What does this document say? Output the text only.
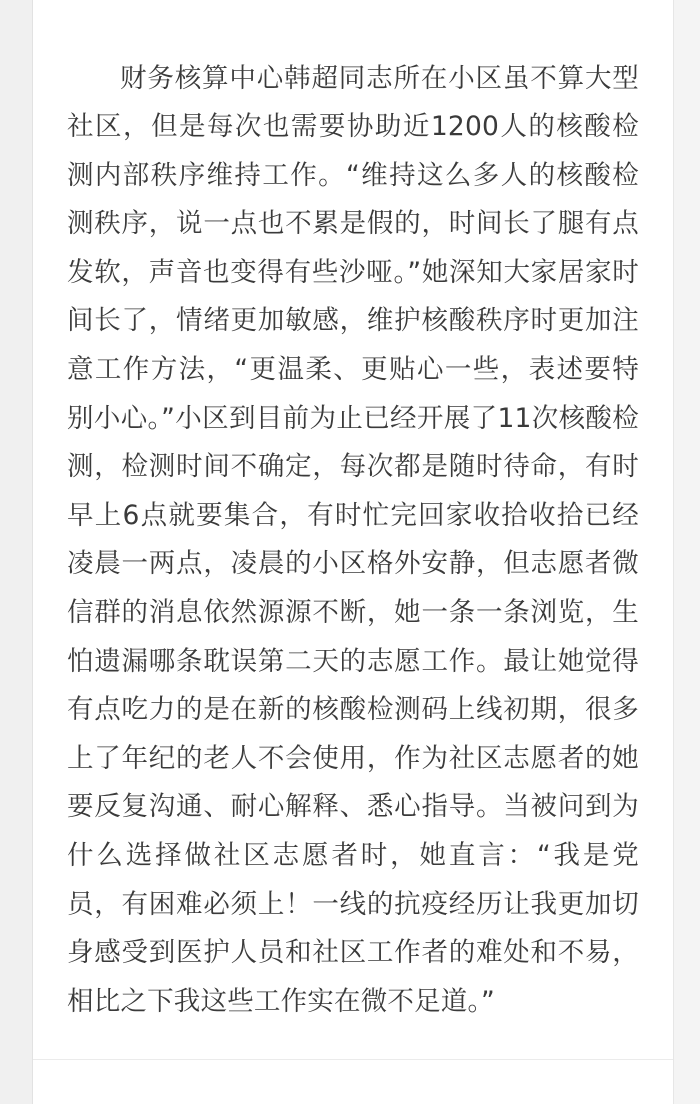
财务核算中心韩超同志所在小区虽不算大型社区，但是每次也需要协助近1200人的核酸检测内部秩序维持工作。“维持这么多人的核酸检测秩序，说一点也不累是假的，时间长了腿有点发软，声音也变得有些沙哑。”她深知大家居家时间长了，情绪更加敏感，维护核酸秩序时更加注意工作方法，“更温柔、更贴心一些，表述要特别小心。”小区到目前为止已经开展了11次核酸检测，检测时间不确定，每次都是随时待命，有时早上6点就要集合，有时忙完回家收拾收拾已经凌晨一两点，凌晨的小区格外安静，但志愿者微信群的消息依然源源不断，她一条一条浏览，生怕遗漏哪条耽误第二天的志愿工作。最让她觉得有点吃力的是在新的核酸检测码上线初期，很多上了年纪的老人不会使用，作为社区志愿者的她要反复沟通、耐心解释、悉心指导。当被问到为什么选择做社区志愿者时，她直言：“我是党员，有困难必须上！一线的抗疫经历让我更加切身感受到医护人员和社区工作者的难处和不易，相比之下我这些工作实在微不足道。”
